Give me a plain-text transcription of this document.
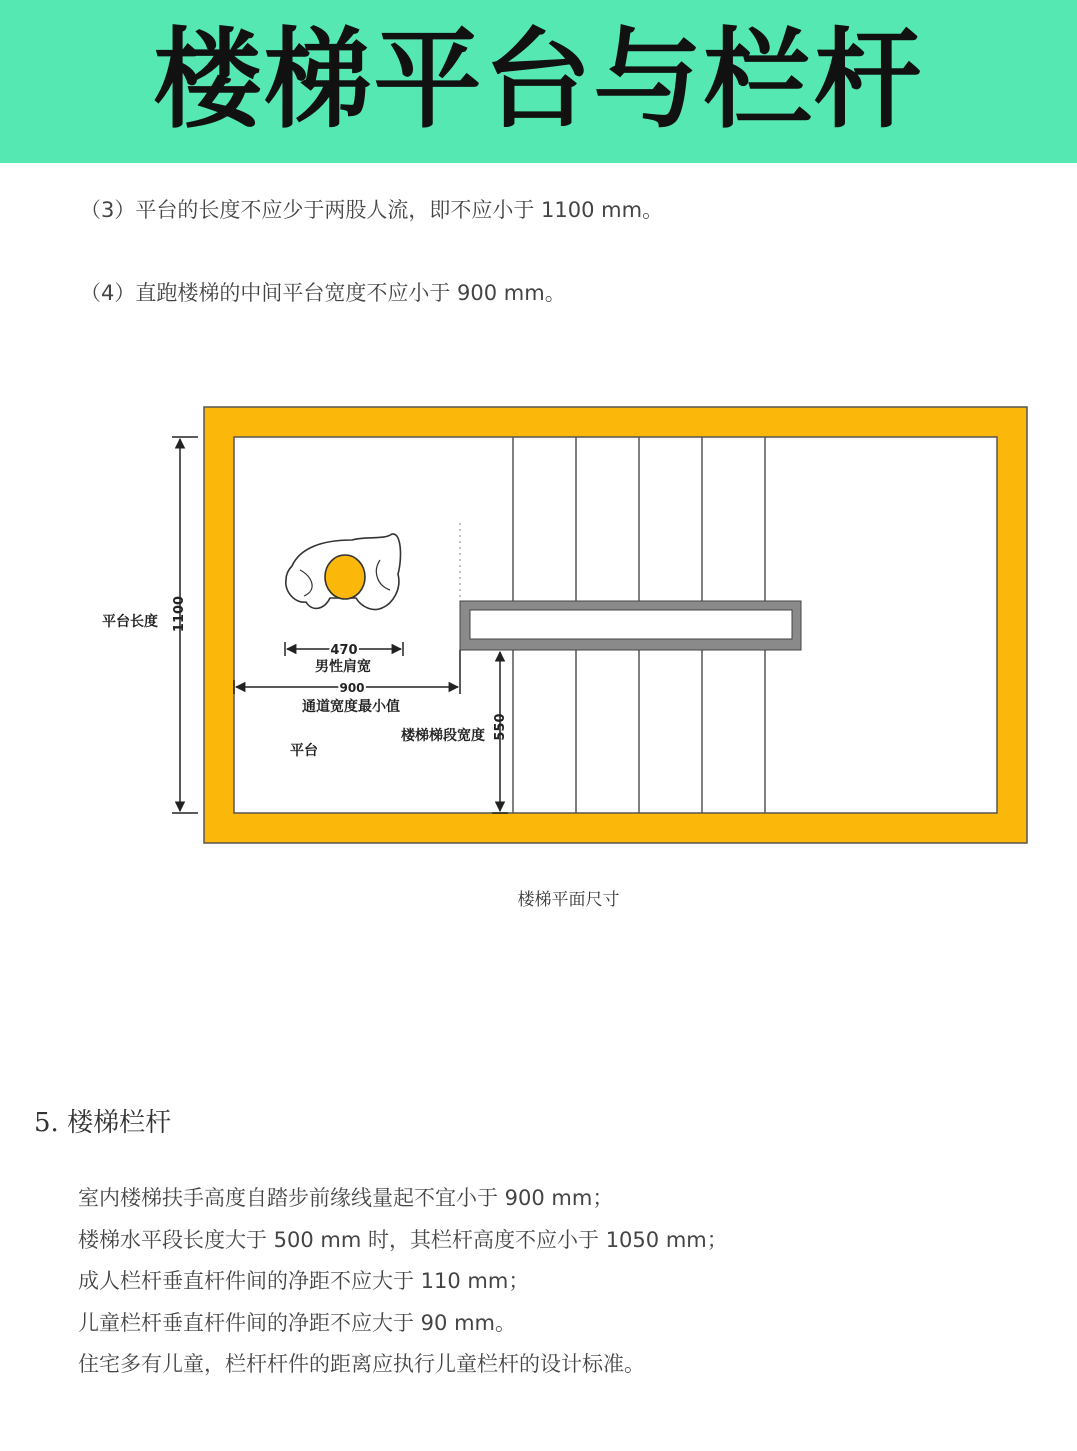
楼梯平台与栏杆
（3）平台的长度不应少于两股人流，即不应小于 1100 mm。
（4）直跑楼梯的中间平台宽度不应小于 900 mm。
平台长度 1100
470
男性肩宽
900
通道宽度最小值
平台
楼梯梯段宽度 550
楼梯平面尺寸
5. 楼梯栏杆
室内楼梯扶手高度自踏步前缘线量起不宜小于 900 mm；
楼梯水平段长度大于 500 mm 时，其栏杆高度不应小于 1050 mm；
成人栏杆垂直杆件间的净距不应大于 110 mm；
儿童栏杆垂直杆件间的净距不应大于 90 mm。
住宅多有儿童，栏杆杆件的距离应执行儿童栏杆的设计标准。
